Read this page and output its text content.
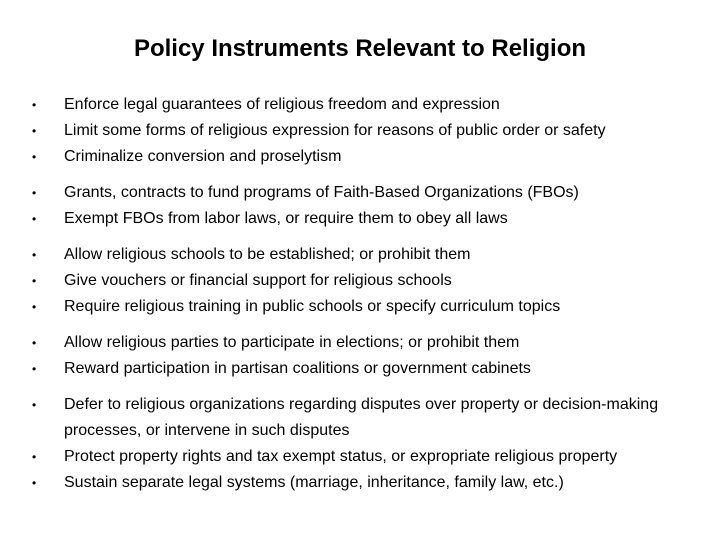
Policy Instruments Relevant to Religion
• Enforce legal guarantees of religious freedom and expression
• Limit some forms of religious expression for reasons of public order or safety
• Criminalize conversion and proselytism
• Grants, contracts to fund programs of Faith-Based Organizations (FBOs)
• Exempt FBOs from labor laws, or require them to obey all laws
• Allow religious schools to be established; or prohibit them
• Give vouchers or financial support for religious schools
• Require religious training in public schools or specify curriculum topics
• Allow religious parties to participate in elections; or prohibit them
• Reward participation in partisan coalitions or government cabinets
• Defer to religious organizations regarding disputes over property or decision-making processes, or intervene in such disputes
• Protect property rights and tax exempt status, or expropriate religious property
• Sustain separate legal systems (marriage, inheritance, family law, etc.)
